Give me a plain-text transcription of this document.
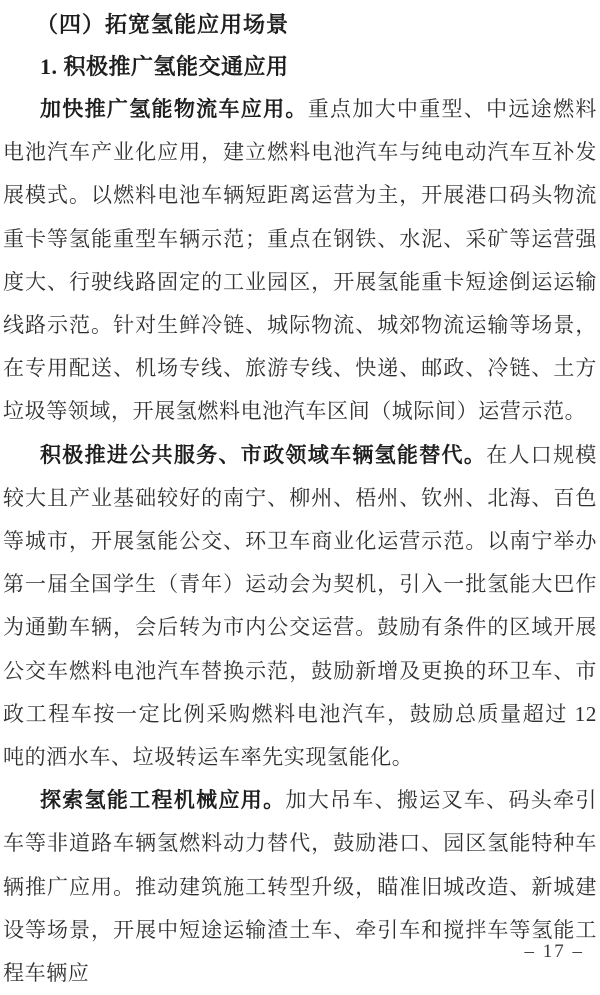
（四）拓宽氢能应用场景
1. 积极推广氢能交通应用

加快推广氢能物流车应用。重点加大中重型、中远途燃料电池汽车产业化应用，建立燃料电池汽车与纯电动汽车互补发展模式。以燃料电池车辆短距离运营为主，开展港口码头物流重卡等氢能重型车辆示范；重点在钢铁、水泥、采矿等运营强度大、行驶线路固定的工业园区，开展氢能重卡短途倒运运输线路示范。针对生鲜冷链、城际物流、城郊物流运输等场景，在专用配送、机场专线、旅游专线、快递、邮政、冷链、土方垃圾等领域，开展氢燃料电池汽车区间（城际间）运营示范。

积极推进公共服务、市政领域车辆氢能替代。在人口规模较大且产业基础较好的南宁、柳州、梧州、钦州、北海、百色等城市，开展氢能公交、环卫车商业化运营示范。以南宁举办第一届全国学生（青年）运动会为契机，引入一批氢能大巴作为通勤车辆，会后转为市内公交运营。鼓励有条件的区域开展公交车燃料电池汽车替换示范，鼓励新增及更换的环卫车、市政工程车按一定比例采购燃料电池汽车，鼓励总质量超过 12 吨的洒水车、垃圾转运车率先实现氢能化。

探索氢能工程机械应用。加大吊车、搬运叉车、码头牵引车等非道路车辆氢燃料动力替代，鼓励港口、园区氢能特种车辆推广应用。推动建筑施工转型升级，瞄准旧城改造、新城建设等场景，开展中短途运输渣土车、牵引车和搅拌车等氢能工程车辆应

– 17 –
